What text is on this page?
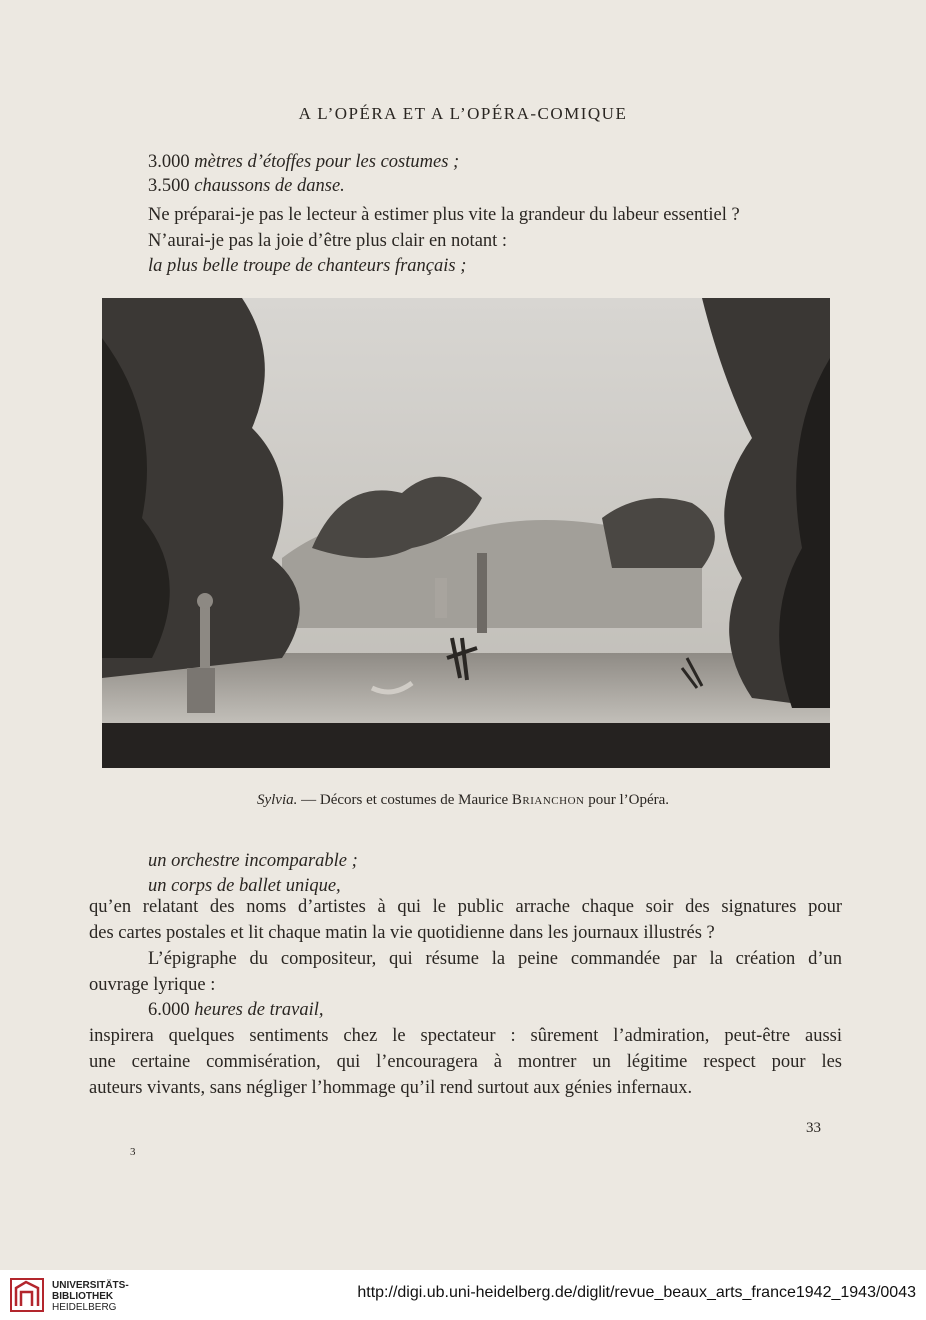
A L’OPÉRA ET A L’OPÉRA-COMIQUE
3.000 mètres d’étoffes pour les costumes ;
3.500 chaussons de danse.
Ne préparai-je pas le lecteur à estimer plus vite la grandeur du labeur essentiel ?
N’aurai-je pas la joie d’être plus clair en notant :
la plus belle troupe de chanteurs français ;
Sylvia. — Décors et costumes de Maurice Brianchon pour l’Opéra.
un orchestre incomparable ;
un corps de ballet unique,
qu’en relatant des noms d’artistes à qui le public arrache chaque soir des signatures pour
des cartes postales et lit chaque matin la vie quotidienne dans les journaux illustrés ?
L’épigraphe du compositeur, qui résume la peine commandée par la création d’un
ouvrage lyrique :
6.000 heures de travail,
inspirera quelques sentiments chez le spectateur : sûrement l’admiration, peut-être aussi
une certaine commisération, qui l’encouragera à montrer un légitime respect pour les
auteurs vivants, sans négliger l’hommage qu’il rend surtout aux génies infernaux.
33
3
UNIVERSITÄTS-
BIBLIOTHEK
HEIDELBERG
http://digi.ub.uni-heidelberg.de/diglit/revue_beaux_arts_france1942_1943/0043
